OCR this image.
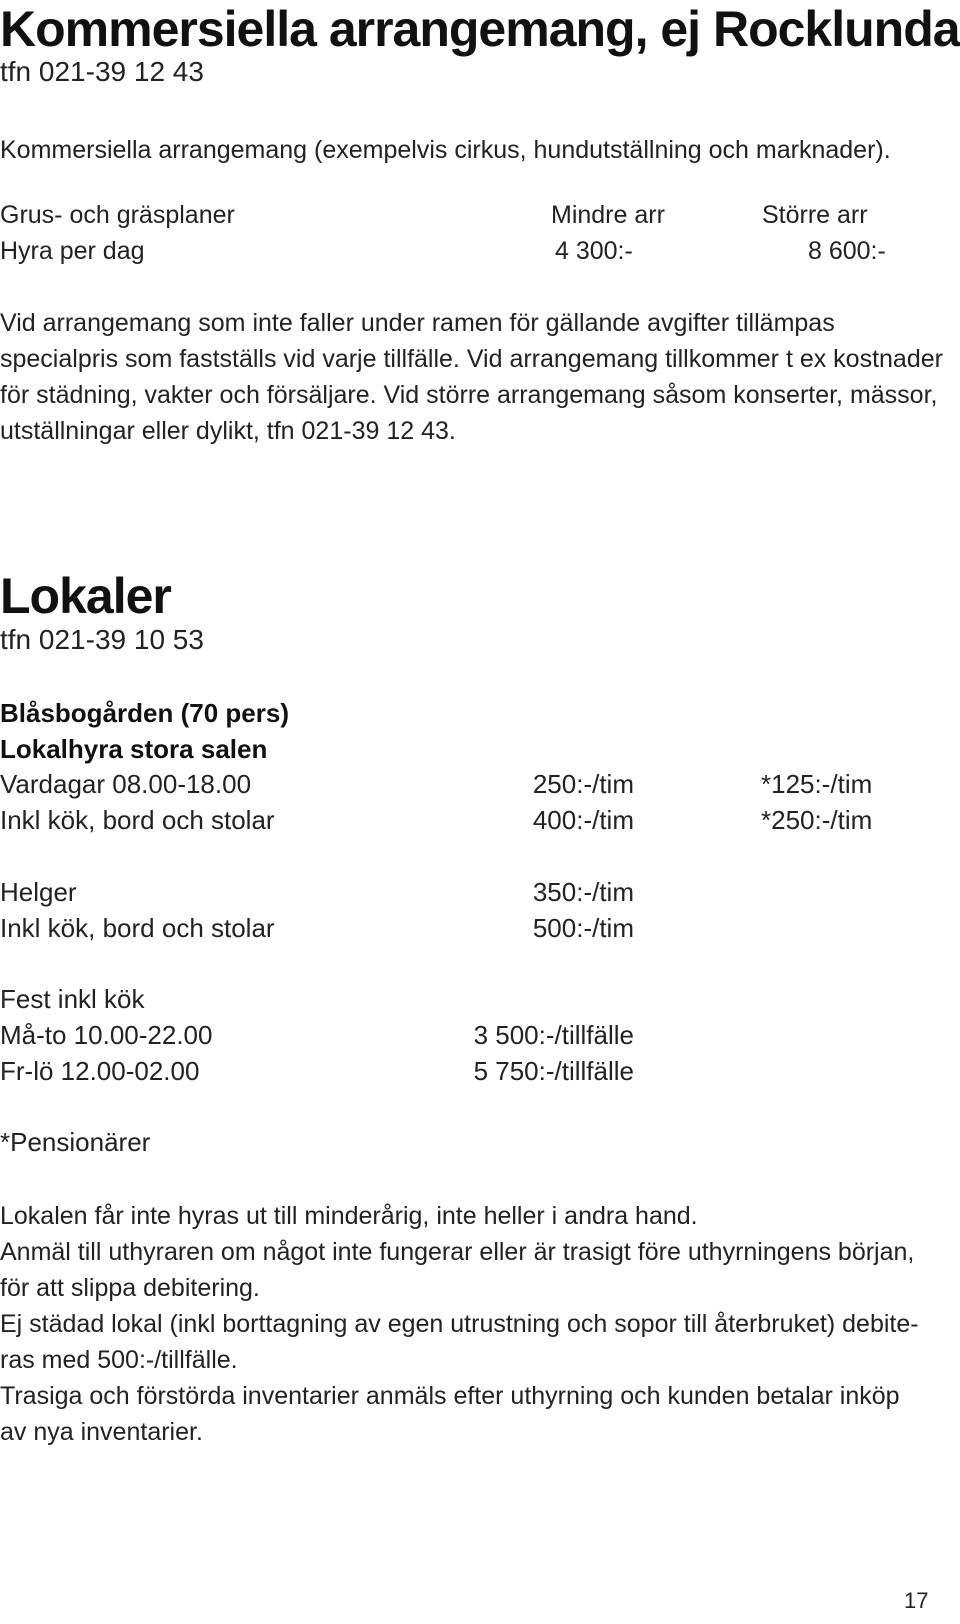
Kommersiella arrangemang, ej Rocklunda
tfn 021-39 12 43
Kommersiella arrangemang (exempelvis cirkus, hundutställning och marknader).
Grus- och gräsplaner	Mindre arr	Större arr
Hyra per dag	4 300:-	8 600:-
Vid arrangemang som inte faller under ramen för gällande avgifter tillämpas
specialpris som fastställs vid varje tillfälle. Vid arrangemang tillkommer t ex kostnader
för städning, vakter och försäljare. Vid större arrangemang såsom konserter, mässor,
utställningar eller dylikt, tfn 021-39 12 43.
Lokaler
tfn 021-39 10 53
Blåsbogården (70 pers)
Lokalhyra stora salen
Vardagar 08.00-18.00	250:-/tim	*125:-/tim
Inkl kök, bord och stolar	400:-/tim	*250:-/tim
Helger	350:-/tim
Inkl kök, bord och stolar	500:-/tim
Fest inkl kök
Må-to 10.00-22.00	3 500:-/tillfälle
Fr-lö 12.00-02.00	5 750:-/tillfälle
*Pensionärer
Lokalen får inte hyras ut till minderårig, inte heller i andra hand.
Anmäl till uthyraren om något inte fungerar eller är trasigt före uthyrningens början,
för att slippa debitering.
Ej städad lokal (inkl borttagning av egen utrustning och sopor till återbruket) debite-
ras med 500:-/tillfälle.
Trasiga och förstörda inventarier anmäls efter uthyrning och kunden betalar inköp
av nya inventarier.
17
